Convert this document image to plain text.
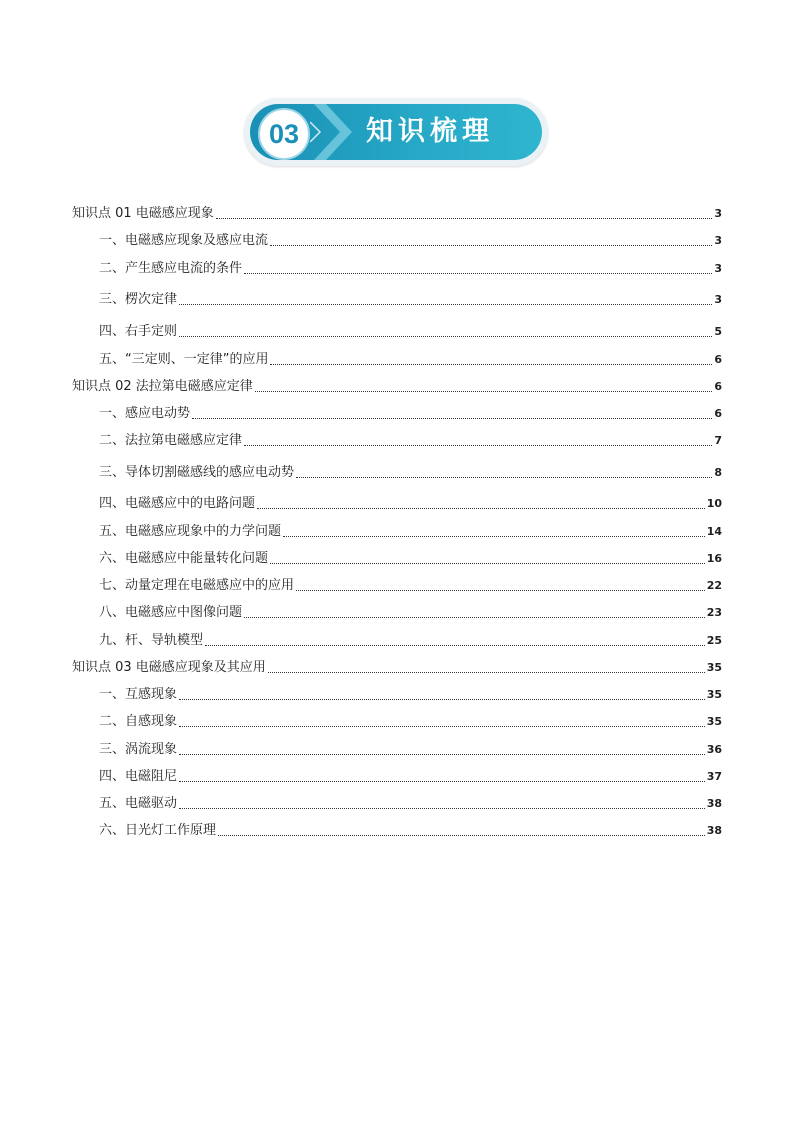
03	知识梳理
知识点 01 电磁感应现象	3
一、电磁感应现象及感应电流	3
二、产生感应电流的条件	3
三、楞次定律	3
四、右手定则	5
五、“三定则、一定律”的应用	6
知识点 02 法拉第电磁感应定律	6
一、感应电动势	6
二、法拉第电磁感应定律	7
三、导体切割磁感线的感应电动势	8
四、电磁感应中的电路问题	10
五、电磁感应现象中的力学问题	14
六、电磁感应中能量转化问题	16
七、动量定理在电磁感应中的应用	22
八、电磁感应中图像问题	23
九、杆、导轨模型	25
知识点 03 电磁感应现象及其应用	35
一、互感现象	35
二、自感现象	35
三、涡流现象	36
四、电磁阻尼	37
五、电磁驱动	38
六、日光灯工作原理	38
